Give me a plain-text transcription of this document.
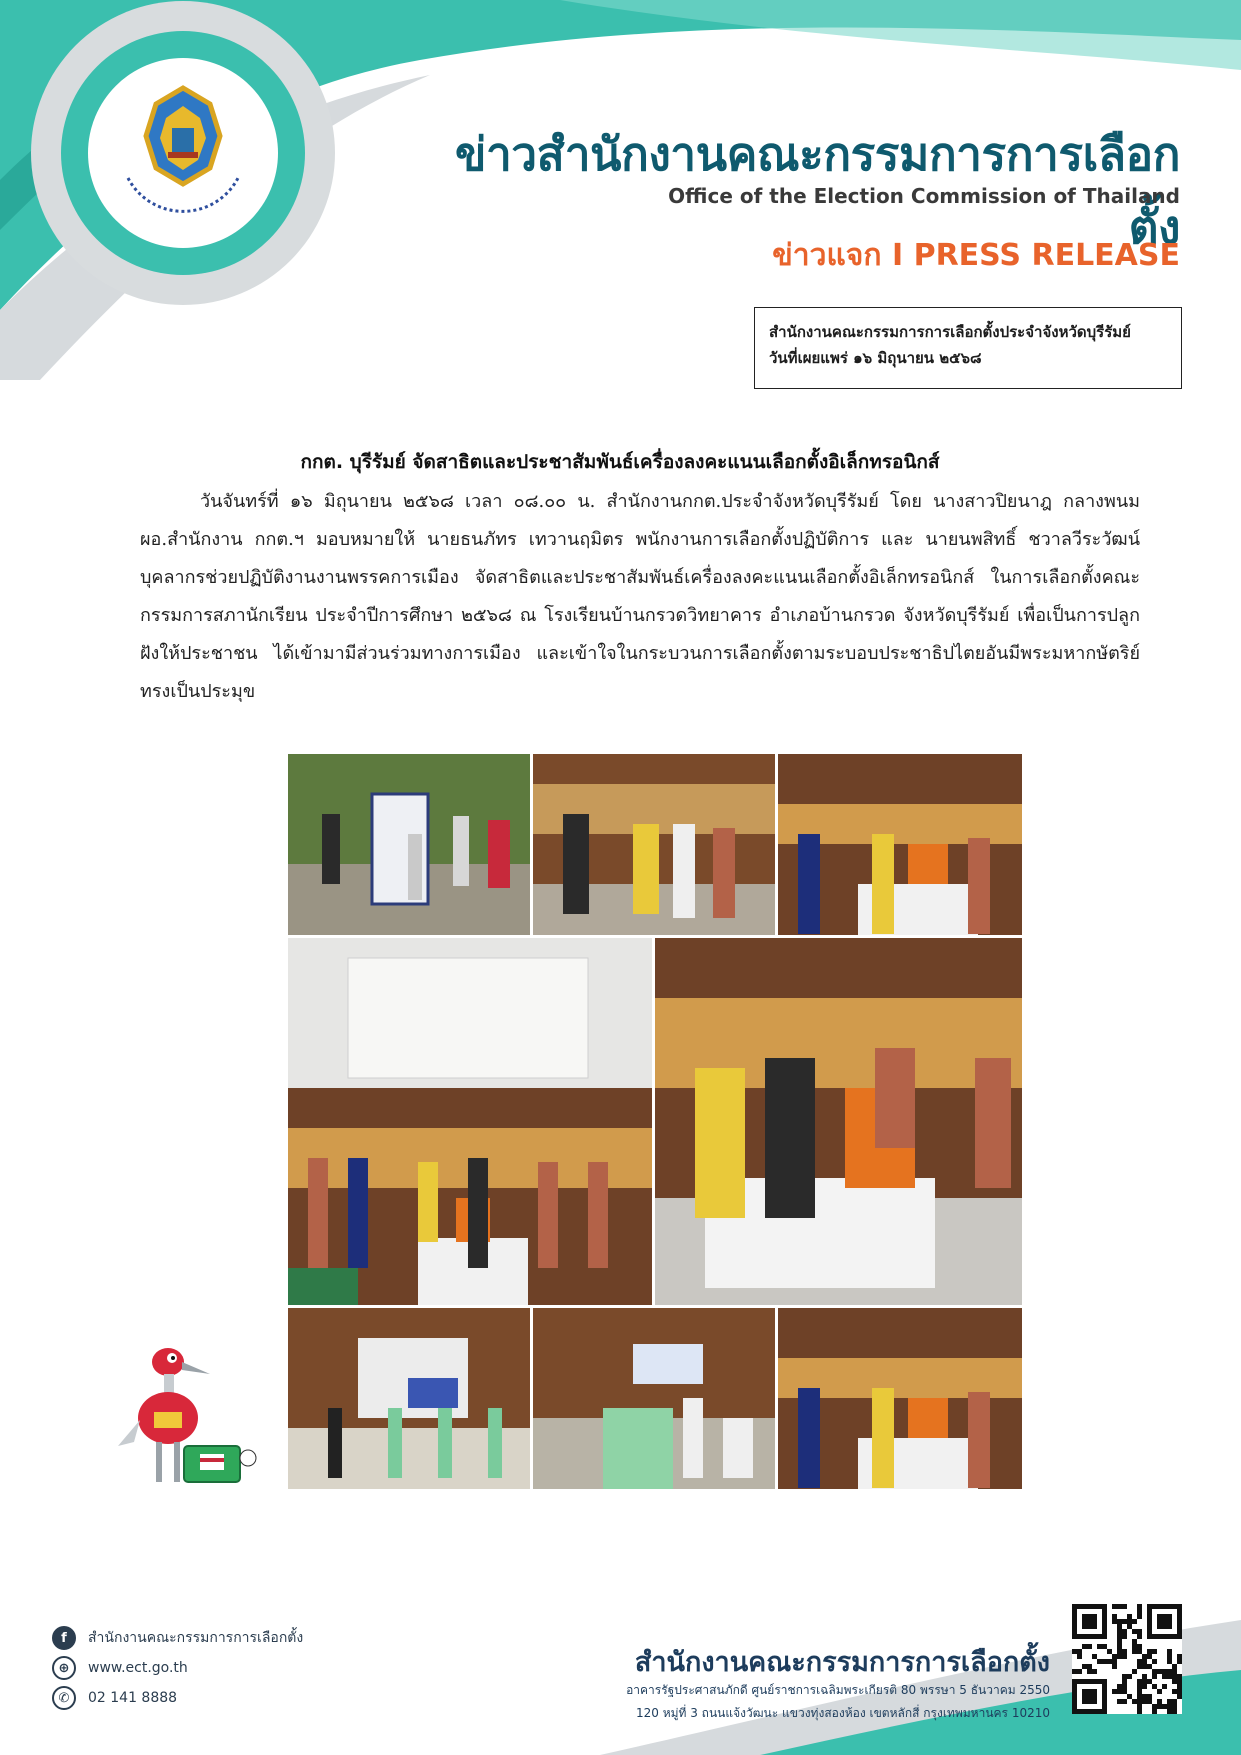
ข่าวสำนักงานคณะกรรมการการเลือกตั้ง
Office of the Election Commission of Thailand
ข่าวแจก I PRESS RELEASE
สำนักงานคณะกรรมการการเลือกตั้งประจำจังหวัดบุรีรัมย์
วันที่เผยแพร่ ๑๖ มิถุนายน ๒๕๖๘
กกต. บุรีรัมย์ จัดสาธิตและประชาสัมพันธ์เครื่องลงคะแนนเลือกตั้งอิเล็กทรอนิกส์

วันจันทร์ที่ ๑๖ มิถุนายน ๒๕๖๘ เวลา ๐๘.๐๐ น. สำนักงานกกต.ประจำจังหวัดบุรีรัมย์ โดย นางสาวปิยนาฎ กลางพนม ผอ.สำนักงาน กกต.ฯ มอบหมายให้ นายธนภัทร เทวานฤมิตร พนักงานการเลือกตั้งปฏิบัติการ และ นายนพสิทธิ์ ชวาลวีระวัฒน์ บุคลากรช่วยปฏิบัติงานงานพรรคการเมือง จัดสาธิตและประชาสัมพันธ์เครื่องลงคะแนนเลือกตั้งอิเล็กทรอนิกส์ ในการเลือกตั้งคณะกรรมการสภานักเรียน ประจำปีการศึกษา ๒๕๖๘ ณ โรงเรียนบ้านกรวดวิทยาคาร อำเภอบ้านกรวด จังหวัดบุรีรัมย์ เพื่อเป็นการปลูกฝังให้ประชาชน ได้เข้ามามีส่วนร่วมทางการเมือง และเข้าใจในกระบวนการเลือกตั้งตามระบอบประชาธิปไตยอันมีพระมหากษัตริย์ทรงเป็นประมุข

f	สำนักงานคณะกรรมการการเลือกตั้ง
⊕	www.ect.go.th
✆	02 141 8888
สำนักงานคณะกรรมการการเลือกตั้ง
อาคารรัฐประศาสนภักดี ศูนย์ราชการเฉลิมพระเกียรติ 80 พรรษา 5 ธันวาคม 2550
120 หมู่ที่ 3 ถนนแจ้งวัฒนะ แขวงทุ่งสองห้อง เขตหลักสี่ กรุงเทพมหานคร 10210
